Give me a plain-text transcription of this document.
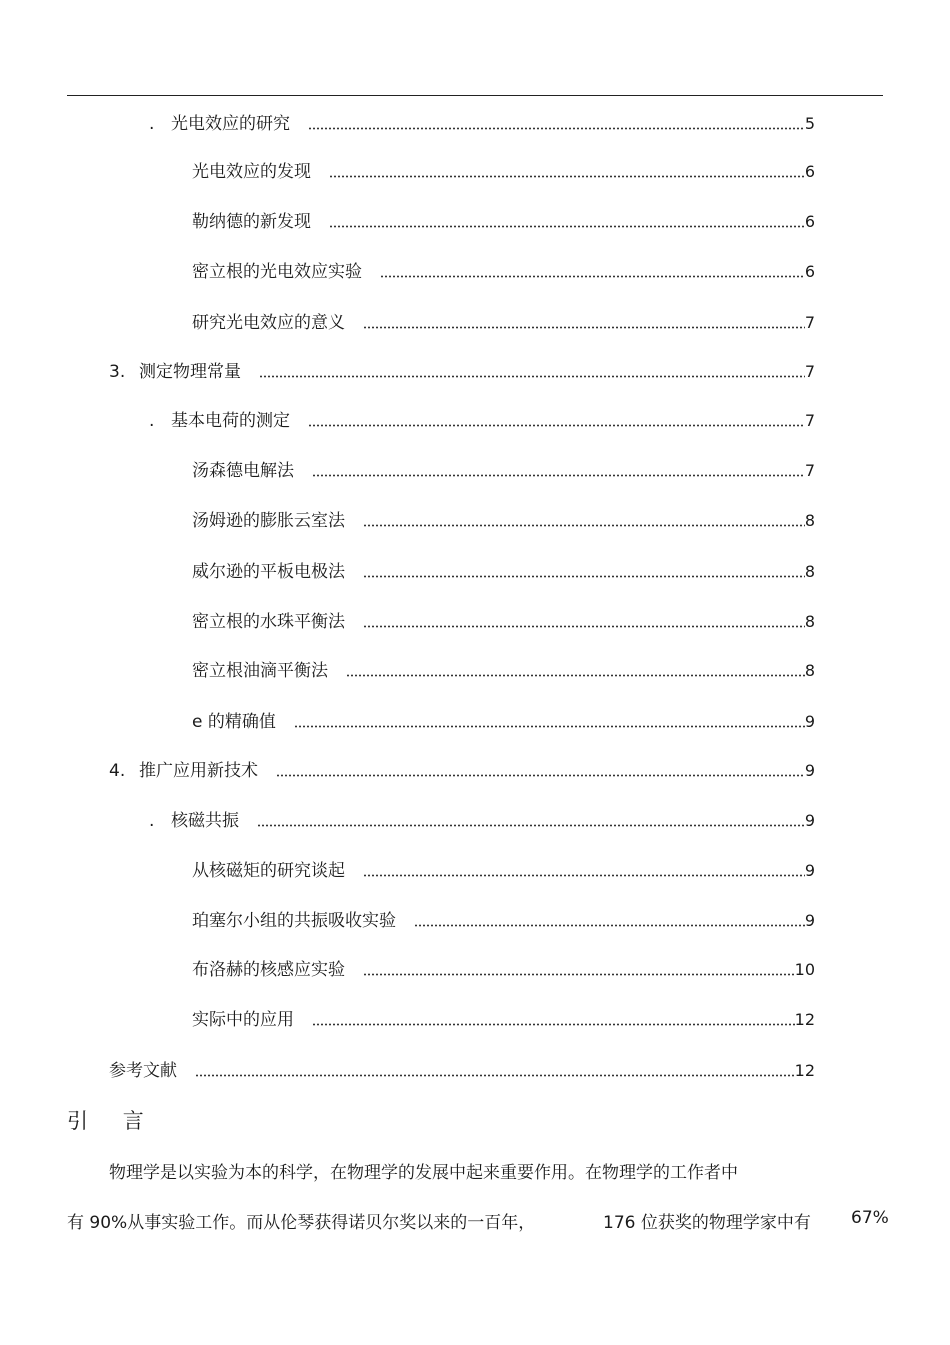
. 光电效应的研究	5
光电效应的发现	6
勒纳德的新发现	6
密立根的光电效应实验	6
研究光电效应的意义	7
3. 测定物理常量	7
. 基本电荷的测定	7
汤森德电解法	7
汤姆逊的膨胀云室法	8
威尔逊的平板电极法	8
密立根的水珠平衡法	8
密立根油滴平衡法	8
e 的精确值	9
4. 推广应用新技术	9
. 核磁共振	9
从核磁矩的研究谈起	9
珀塞尔小组的共振吸收实验	9
布洛赫的核感应实验	10
实际中的应用	12
参考文献	12
引 言
物理学是以实验为本的科学，在物理学的发展中起来重要作用。在物理学的工作者中
有 90%从事实验工作。而从伦琴获得诺贝尔奖以来的一百年，	176 位获奖的物理学家中有 67%
